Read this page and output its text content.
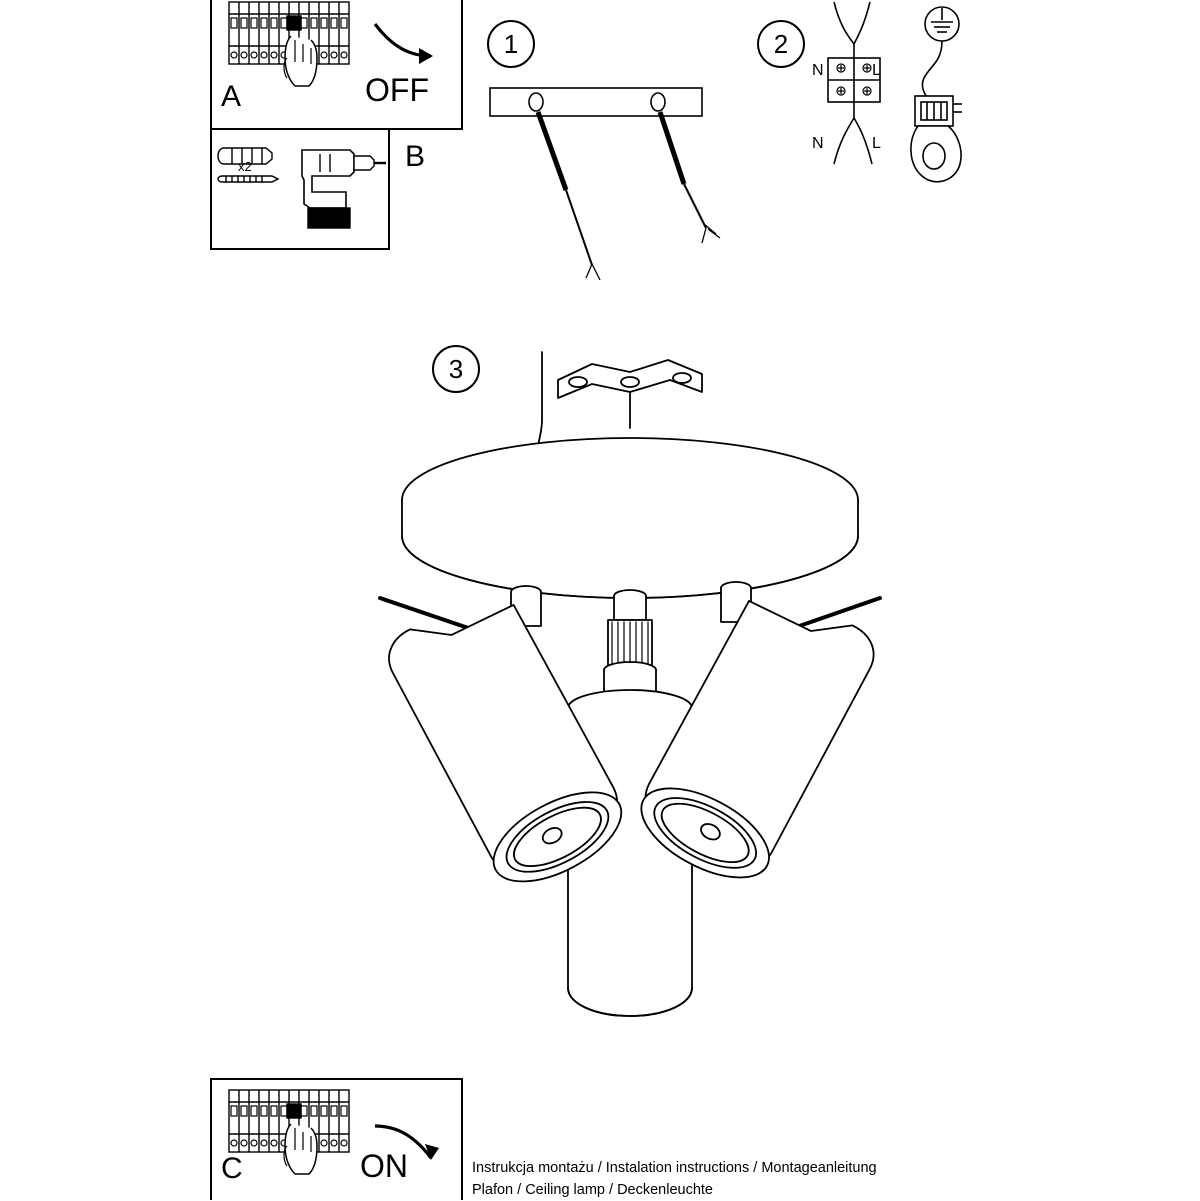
A	OFF
x2	B
1	2
N	L
N	L
3
C	ON	Instrukcja montażu / Instalation instructions / Montageanleitung
Plafon / Ceiling lamp / Deckenleuchte
